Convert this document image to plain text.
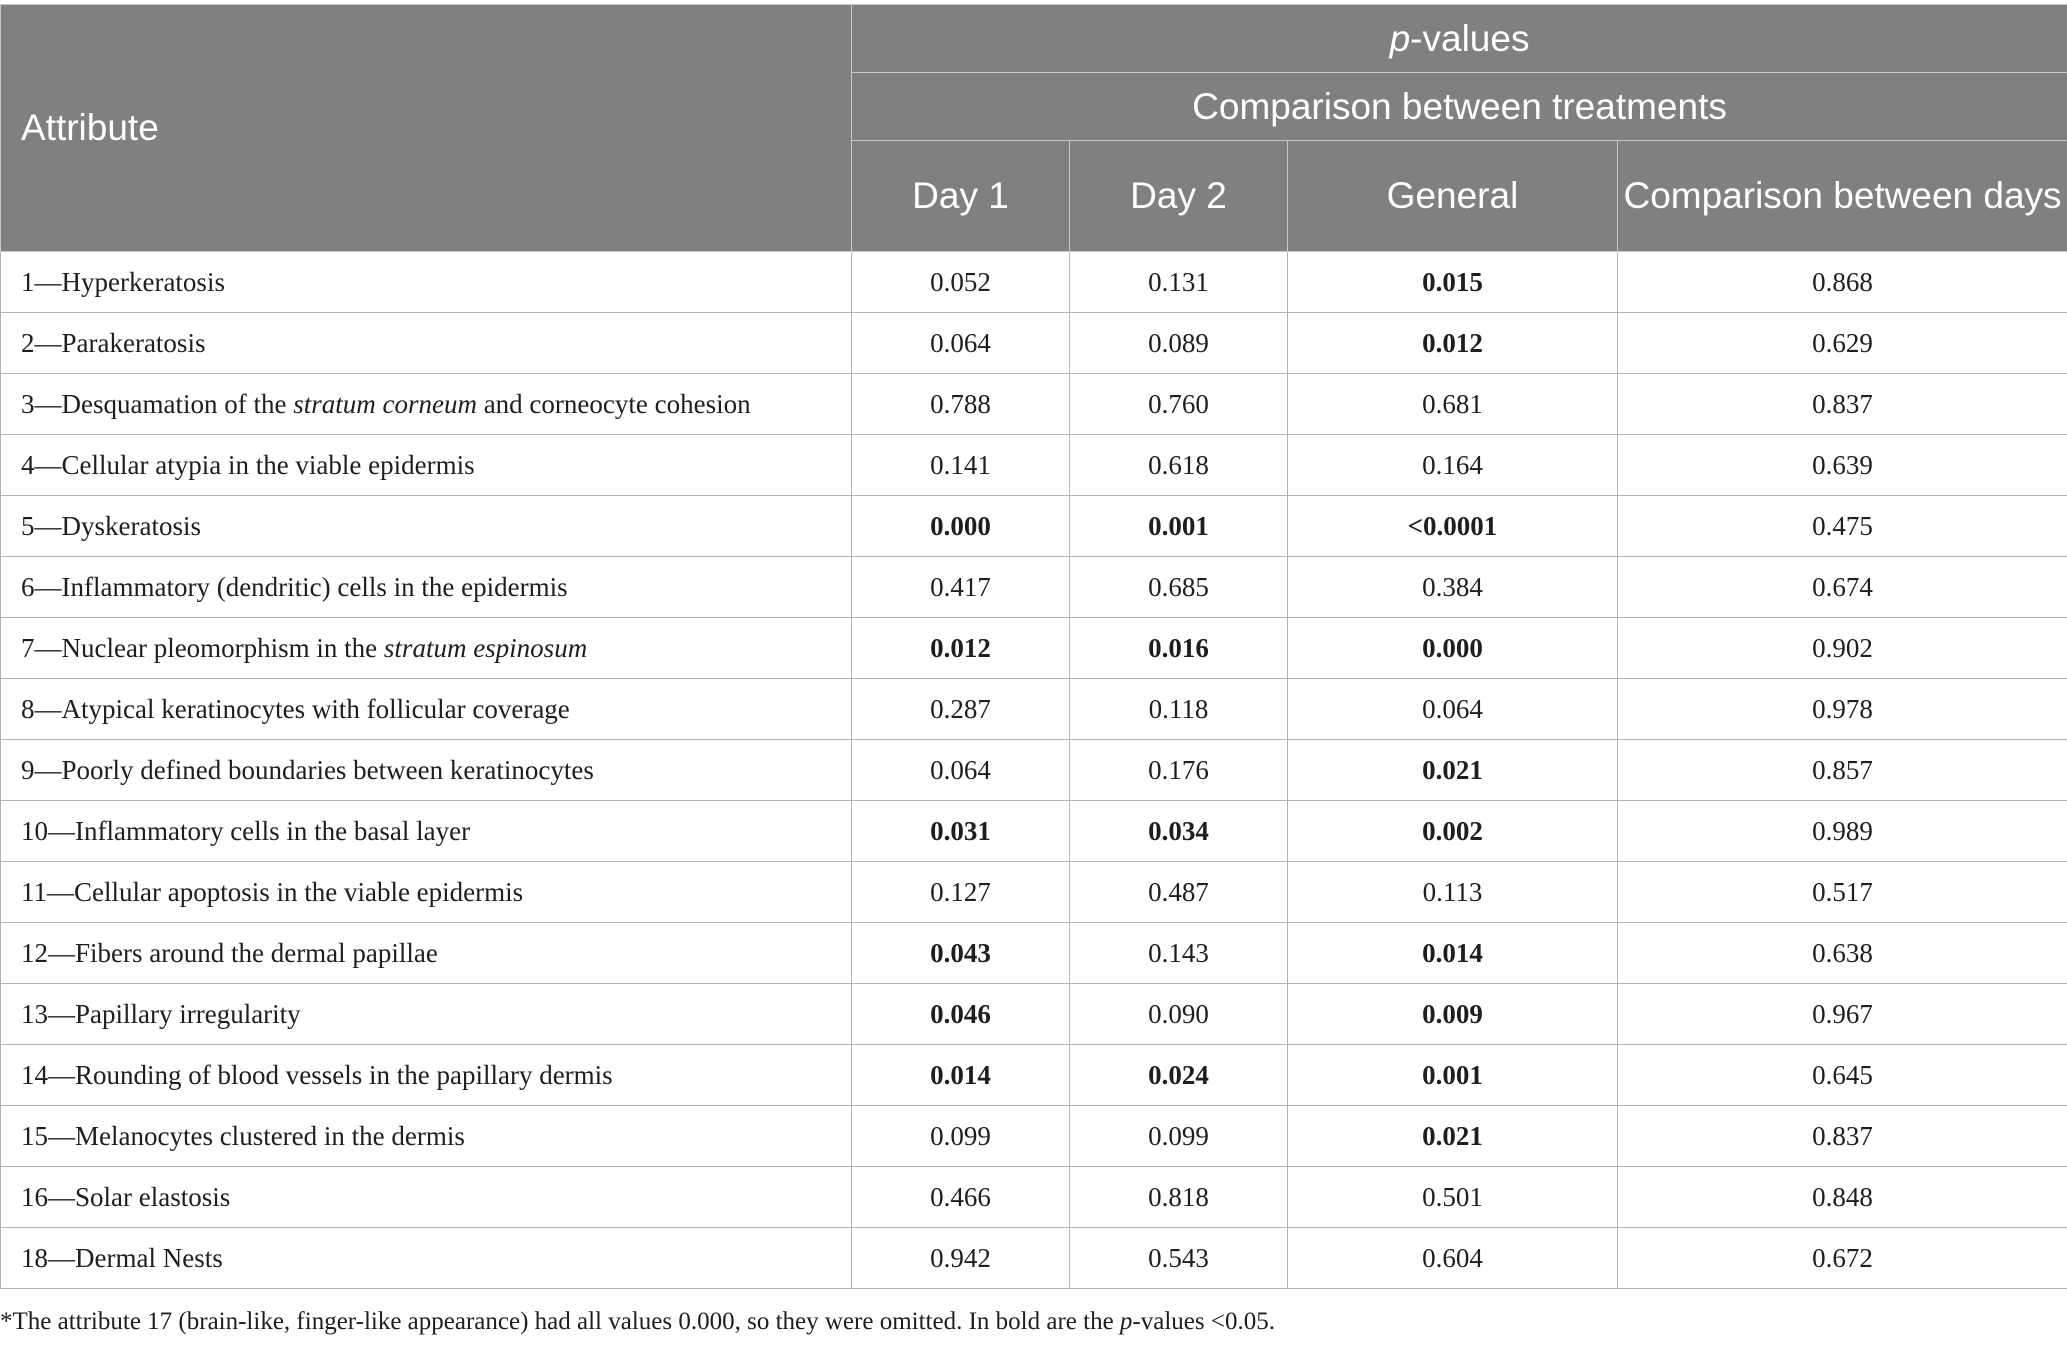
Attribute	p-values			
	Comparison between treatments			
	Day 1	Day 2	General	Comparison between days
1—Hyperkeratosis	0.052	0.131	0.015	0.868
2—Parakeratosis	0.064	0.089	0.012	0.629
3—Desquamation of the stratum corneum and corneocyte cohesion	0.788	0.760	0.681	0.837
4—Cellular atypia in the viable epidermis	0.141	0.618	0.164	0.639
5—Dyskeratosis	0.000	0.001	<0.0001	0.475
6—Inflammatory (dendritic) cells in the epidermis	0.417	0.685	0.384	0.674
7—Nuclear pleomorphism in the stratum espinosum	0.012	0.016	0.000	0.902
8—Atypical keratinocytes with follicular coverage	0.287	0.118	0.064	0.978
9—Poorly defined boundaries between keratinocytes	0.064	0.176	0.021	0.857
10—Inflammatory cells in the basal layer	0.031	0.034	0.002	0.989
11—Cellular apoptosis in the viable epidermis	0.127	0.487	0.113	0.517
12—Fibers around the dermal papillae	0.043	0.143	0.014	0.638
13—Papillary irregularity	0.046	0.090	0.009	0.967
14—Rounding of blood vessels in the papillary dermis	0.014	0.024	0.001	0.645
15—Melanocytes clustered in the dermis	0.099	0.099	0.021	0.837
16—Solar elastosis	0.466	0.818	0.501	0.848
18—Dermal Nests	0.942	0.543	0.604	0.672
*The attribute 17 (brain-like, finger-like appearance) had all values 0.000, so they were omitted. In bold are the p-values <0.05.
